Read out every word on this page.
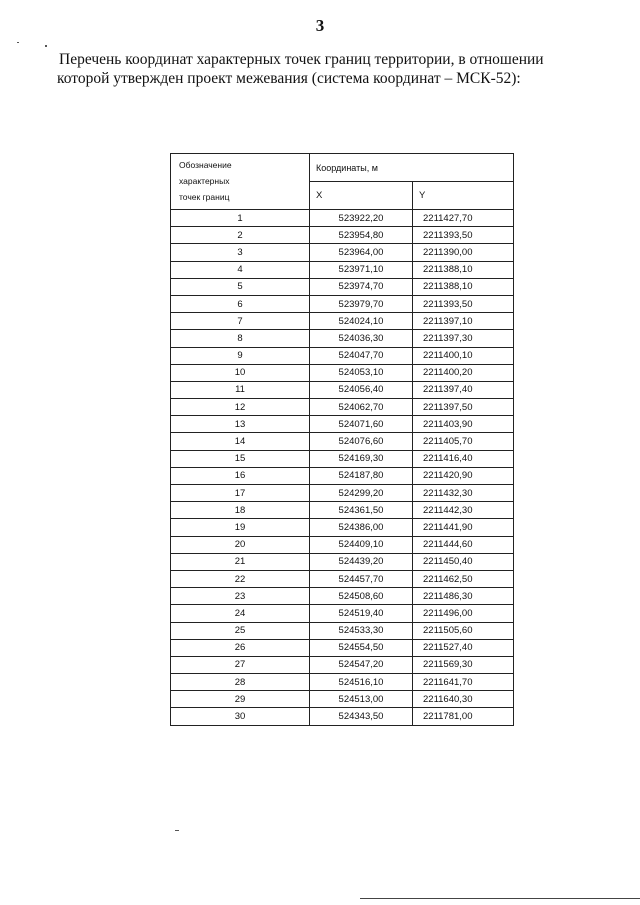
3
Перечень координат характерных точек границ территории, в отношении которой утвержден проект межевания (система координат – МСК-52):
Обозначение
характерных
точек границ	Координаты, м	
	X	Y
1	523922,20	2211427,70
2	523954,80	2211393,50
3	523964,00	2211390,00
4	523971,10	2211388,10
5	523974,70	2211388,10
6	523979,70	2211393,50
7	524024,10	2211397,10
8	524036,30	2211397,30
9	524047,70	2211400,10
10	524053,10	2211400,20
11	524056,40	2211397,40
12	524062,70	2211397,50
13	524071,60	2211403,90
14	524076,60	2211405,70
15	524169,30	2211416,40
16	524187,80	2211420,90
17	524299,20	2211432,30
18	524361,50	2211442,30
19	524386,00	2211441,90
20	524409,10	2211444,60
21	524439,20	2211450,40
22	524457,70	2211462,50
23	524508,60	2211486,30
24	524519,40	2211496,00
25	524533,30	2211505,60
26	524554,50	2211527,40
27	524547,20	2211569,30
28	524516,10	2211641,70
29	524513,00	2211640,30
30	524343,50	2211781,00
